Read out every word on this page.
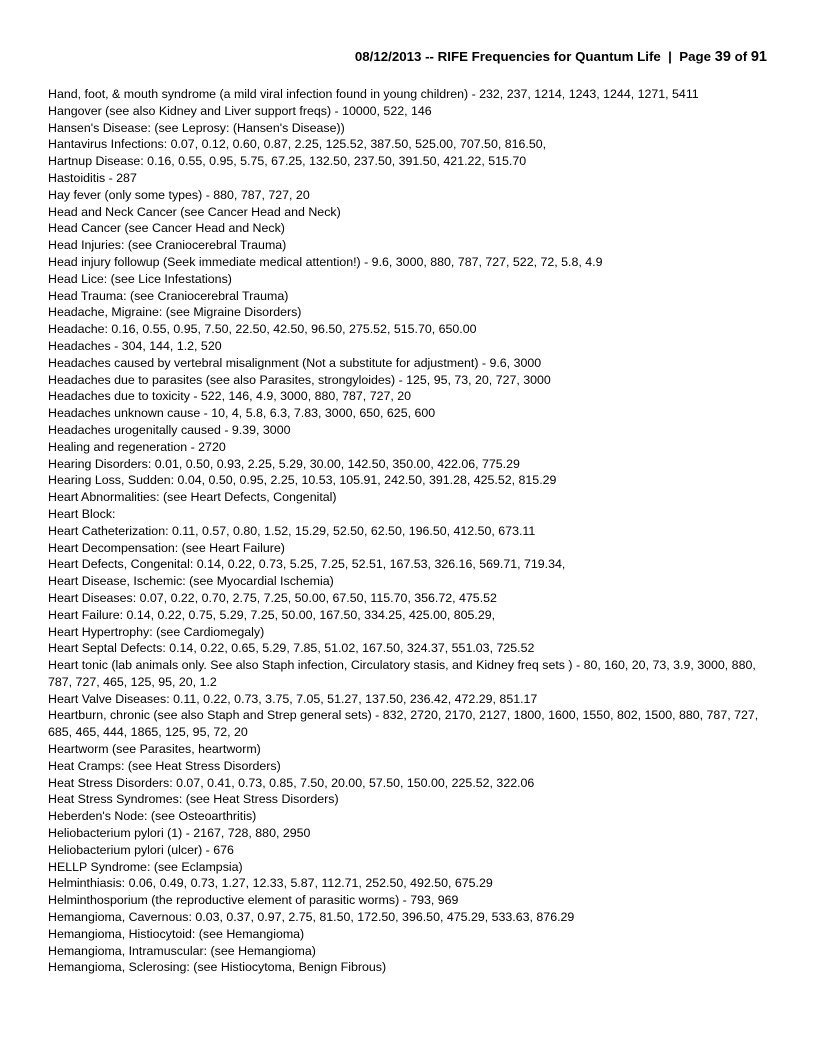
08/12/2013 -- RIFE Frequencies for Quantum Life  |  Page 39 of 91
Hand, foot, & mouth syndrome (a mild viral infection found in young children) - 232, 237, 1214, 1243, 1244, 1271, 5411
Hangover (see also Kidney and Liver support freqs) - 10000, 522, 146
Hansen's Disease: (see Leprosy: (Hansen's Disease))
Hantavirus Infections: 0.07, 0.12, 0.60, 0.87, 2.25, 125.52, 387.50, 525.00, 707.50, 816.50,
Hartnup Disease: 0.16, 0.55, 0.95, 5.75, 67.25, 132.50, 237.50, 391.50, 421.22, 515.70
Hastoiditis - 287
Hay fever (only some types) - 880, 787, 727, 20
Head and Neck Cancer (see Cancer Head and Neck)
Head Cancer (see Cancer Head and Neck)
Head Injuries: (see Craniocerebral Trauma)
Head injury followup (Seek immediate medical attention!) - 9.6, 3000, 880, 787, 727, 522, 72, 5.8, 4.9
Head Lice: (see Lice Infestations)
Head Trauma: (see Craniocerebral Trauma)
Headache, Migraine: (see Migraine Disorders)
Headache: 0.16, 0.55, 0.95, 7.50, 22.50, 42.50, 96.50, 275.52, 515.70, 650.00
Headaches - 304, 144, 1.2, 520
Headaches caused by vertebral misalignment (Not a substitute for adjustment) - 9.6, 3000
Headaches due to parasites (see also Parasites, strongyloides) - 125, 95, 73, 20, 727, 3000
Headaches due to toxicity - 522, 146, 4.9, 3000, 880, 787, 727, 20
Headaches unknown cause - 10, 4, 5.8, 6.3, 7.83, 3000, 650, 625, 600
Headaches urogenitally caused - 9.39, 3000
Healing and regeneration - 2720
Hearing Disorders: 0.01, 0.50, 0.93, 2.25, 5.29, 30.00, 142.50, 350.00, 422.06, 775.29
Hearing Loss, Sudden: 0.04, 0.50, 0.95, 2.25, 10.53, 105.91, 242.50, 391.28, 425.52, 815.29
Heart Abnormalities: (see Heart Defects, Congenital)
Heart Block:
Heart Catheterization: 0.11, 0.57, 0.80, 1.52, 15.29, 52.50, 62.50, 196.50, 412.50, 673.11
Heart Decompensation: (see Heart Failure)
Heart Defects, Congenital: 0.14, 0.22, 0.73, 5.25, 7.25, 52.51, 167.53, 326.16, 569.71, 719.34,
Heart Disease, Ischemic: (see Myocardial Ischemia)
Heart Diseases: 0.07, 0.22, 0.70, 2.75, 7.25, 50.00, 67.50, 115.70, 356.72, 475.52
Heart Failure: 0.14, 0.22, 0.75, 5.29, 7.25, 50.00, 167.50, 334.25, 425.00, 805.29,
Heart Hypertrophy: (see Cardiomegaly)
Heart Septal Defects: 0.14, 0.22, 0.65, 5.29, 7.85, 51.02, 167.50, 324.37, 551.03, 725.52
Heart tonic (lab animals only. See also Staph infection, Circulatory stasis, and Kidney freq sets ) - 80, 160, 20, 73, 3.9, 3000, 880, 787, 727, 465, 125, 95, 20, 1.2
Heart Valve Diseases: 0.11, 0.22, 0.73, 3.75, 7.05, 51.27, 137.50, 236.42, 472.29, 851.17
Heartburn, chronic (see also Staph and Strep general sets) - 832, 2720, 2170, 2127, 1800, 1600, 1550, 802, 1500, 880, 787, 727, 685, 465, 444, 1865, 125, 95, 72, 20
Heartworm (see Parasites, heartworm)
Heat Cramps: (see Heat Stress Disorders)
Heat Stress Disorders: 0.07, 0.41, 0.73, 0.85, 7.50, 20.00, 57.50, 150.00, 225.52, 322.06
Heat Stress Syndromes: (see Heat Stress Disorders)
Heberden's Node: (see Osteoarthritis)
Heliobacterium pylori (1) - 2167, 728, 880, 2950
Heliobacterium pylori (ulcer) - 676
HELLP Syndrome: (see Eclampsia)
Helminthiasis: 0.06, 0.49, 0.73, 1.27, 12.33, 5.87, 112.71, 252.50, 492.50, 675.29
Helminthosporium (the reproductive element of parasitic worms) - 793, 969
Hemangioma, Cavernous: 0.03, 0.37, 0.97, 2.75, 81.50, 172.50, 396.50, 475.29, 533.63, 876.29
Hemangioma, Histiocytoid: (see Hemangioma)
Hemangioma, Intramuscular: (see Hemangioma)
Hemangioma, Sclerosing: (see Histiocytoma, Benign Fibrous)
